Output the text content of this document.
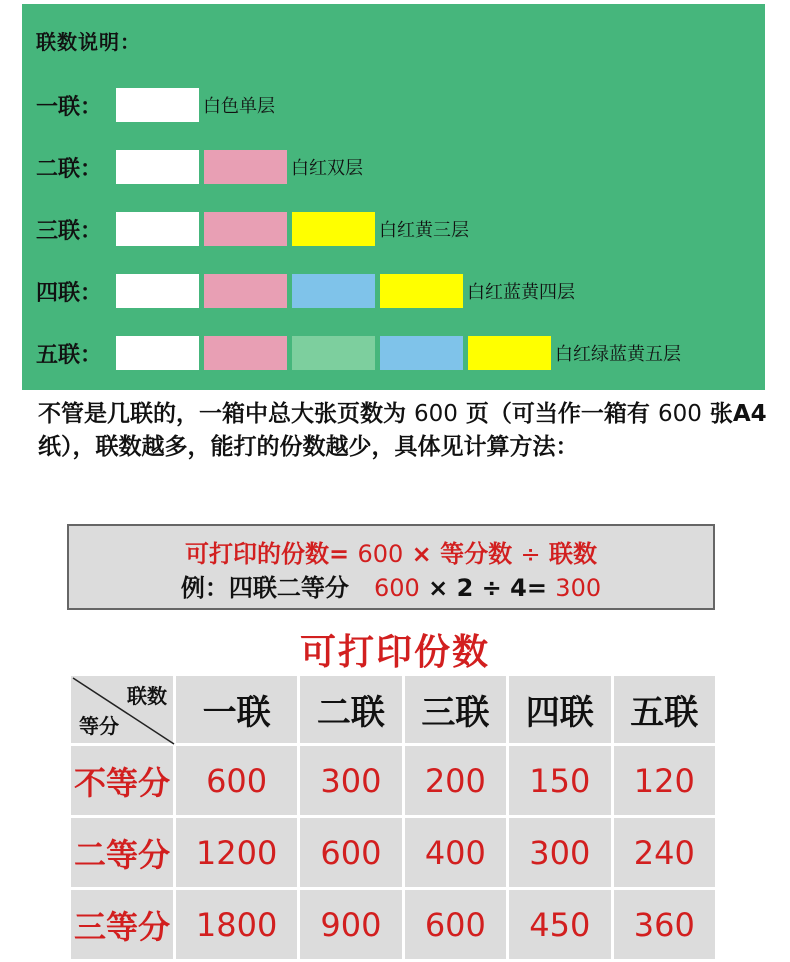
联数说明：
一联：	白色单层
二联：	白红双层
三联：	白红黄三层
四联：	白红蓝黄四层
五联：	白红绿蓝黄五层
不管是几联的，一箱中总大张页数为 600 页（可当作一箱有 600 张A4纸），联数越多，能打的份数越少，具体见计算方法：
可打印的份数= 600 × 等分数 ÷ 联数
例：四联二等分 600 × 2 ÷ 4= 300
可打印份数
联数
等分	一联	二联	三联	四联	五联
不等分	600	300	200	150	120
二等分	1200	600	400	300	240
三等分	1800	900	600	450	360
